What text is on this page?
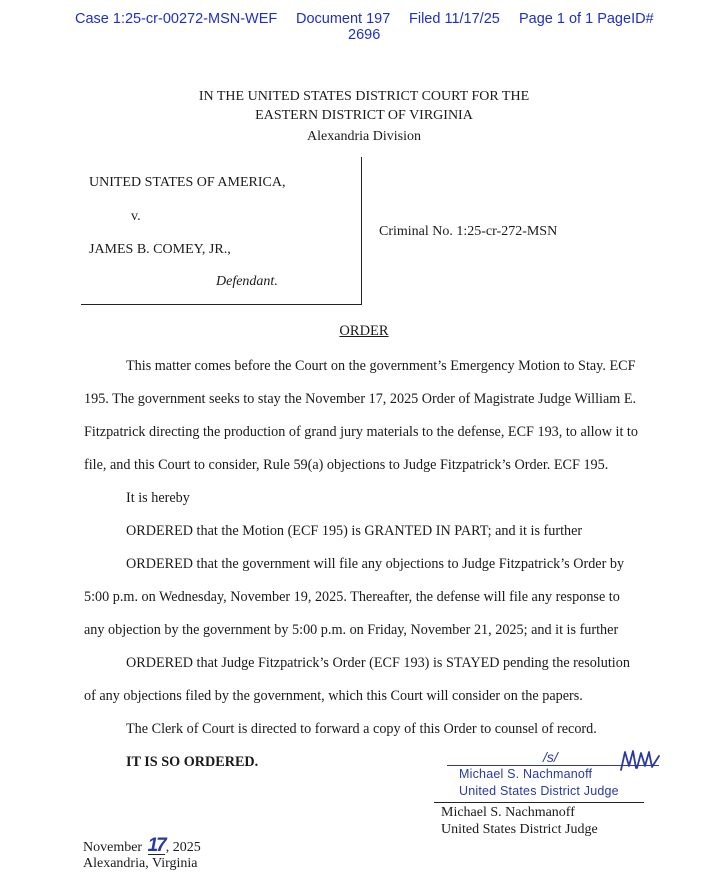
Case 1:25-cr-00272-MSN-WEF Document 197 Filed 11/17/25 Page 1 of 1 PageID#
2696
IN THE UNITED STATES DISTRICT COURT FOR THE
EASTERN DISTRICT OF VIRGINIA
Alexandria Division
UNITED STATES OF AMERICA,
v.
JAMES B. COMEY, JR.,
Defendant.
Criminal No. 1:25-cr-272-MSN
ORDER
This matter comes before the Court on the government’s Emergency Motion to Stay. ECF
195. The government seeks to stay the November 17, 2025 Order of Magistrate Judge William E.
Fitzpatrick directing the production of grand jury materials to the defense, ECF 193, to allow it to
file, and this Court to consider, Rule 59(a) objections to Judge Fitzpatrick’s Order. ECF 195.
It is hereby
ORDERED that the Motion (ECF 195) is GRANTED IN PART; and it is further
ORDERED that the government will file any objections to Judge Fitzpatrick’s Order by
5:00 p.m. on Wednesday, November 19, 2025. Thereafter, the defense will file any response to
any objection by the government by 5:00 p.m. on Friday, November 21, 2025; and it is further
ORDERED that Judge Fitzpatrick’s Order (ECF 193) is STAYED pending the resolution
of any objections filed by the government, which this Court will consider on the papers.
The Clerk of Court is directed to forward a copy of this Order to counsel of record.
IT IS SO ORDERED.	/s/
Michael S. Nachmanoff
United States District Judge
Michael S. Nachmanoff
United States District Judge
November 17, 2025
Alexandria, Virginia
